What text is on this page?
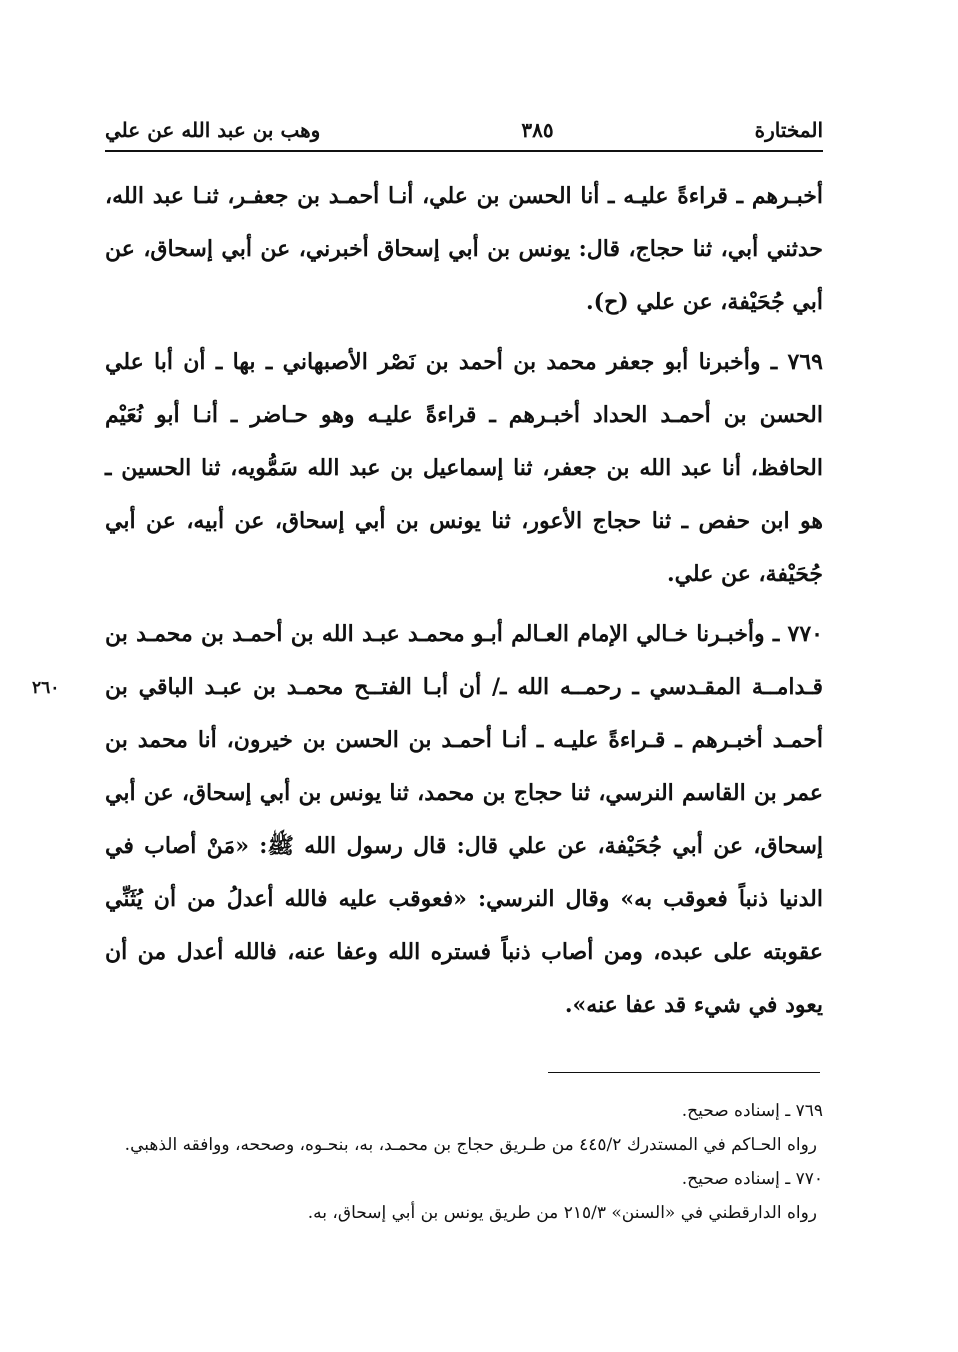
المختارة
٣٨٥
وهب بن عبد الله عن علي

أخبـرهم ـ قراءةً عليـه ـ أنا الحسن بن علي، أنـا أحمـد بن جعفـر، ثنـا عبد الله، حدثني أبي، ثنا حجاج، قال: يونس بن أبي إسحاق أخبرني، عن أبي إسحاق، عن أبي جُحَيْفة، عن علي (ح).

٧٦٩ ـ وأخبرنا أبو جعفر محمد بن أحمد بن نَصْر الأصبهاني ـ بها ـ أن أبا علي الحسن بن أحمـد الحداد أخبـرهم ـ قراءةً عليـه وهو حـاضر ـ أنـا أبو نُعَيْم الحافظ، أنا عبد الله بن جعفر، ثنا إسماعيل بن عبد الله سَمُّويه، ثنا الحسين ـ هو ابن حفص ـ ثنا حجاج الأعور، ثنا يونس بن أبي إسحاق، عن أبيه، عن أبي جُحَيْفة، عن علي.

٧٧٠ ـ وأخبـرنا خـالي الإمام العـالم أبـو محمـد عبـد الله بن أحمـد بن محمـد بن قـدامــة المقـدسي ـ رحمــه الله ـ/ أن أبـا الفتــح محمـد بن عبـد الباقي بن أحمـد أخبـرهم ـ قـراءةً عليـه ـ أنـا أحمـد بن الحسن بن خيرون، أنا محمد بن عمر بن القاسم النرسي، ثنا حجاج بن محمد، ثنا يونس بن أبي إسحاق، عن أبي إسحاق، عن أبي جُحَيْفة، عن علي قال: قال رسول الله ﷺ: «مَنْ أصاب في الدنيا ذنباً فعوقب به» وقال النرسي: «فعوقب عليه فالله أعدلُ من أن يُثَنِّي عقوبته على عبده، ومن أصاب ذنباً فستره الله وعفا عنه، فالله أعدل من أن يعود في شيء قد عفا عنه».

٢٦٠

٧٦٩ ـ إسناده صحيح.

رواه الحـاكم في المستدرك ٤٤٥/٢ من طـريق حجاج بن محمـد، به، بنحـوه، وصححه، ووافقه الذهبي.

٧٧٠ ـ إسناده صحيح.

رواه الدارقطني في «السنن» ٢١٥/٣ من طريق يونس بن أبي إسحاق، به.
